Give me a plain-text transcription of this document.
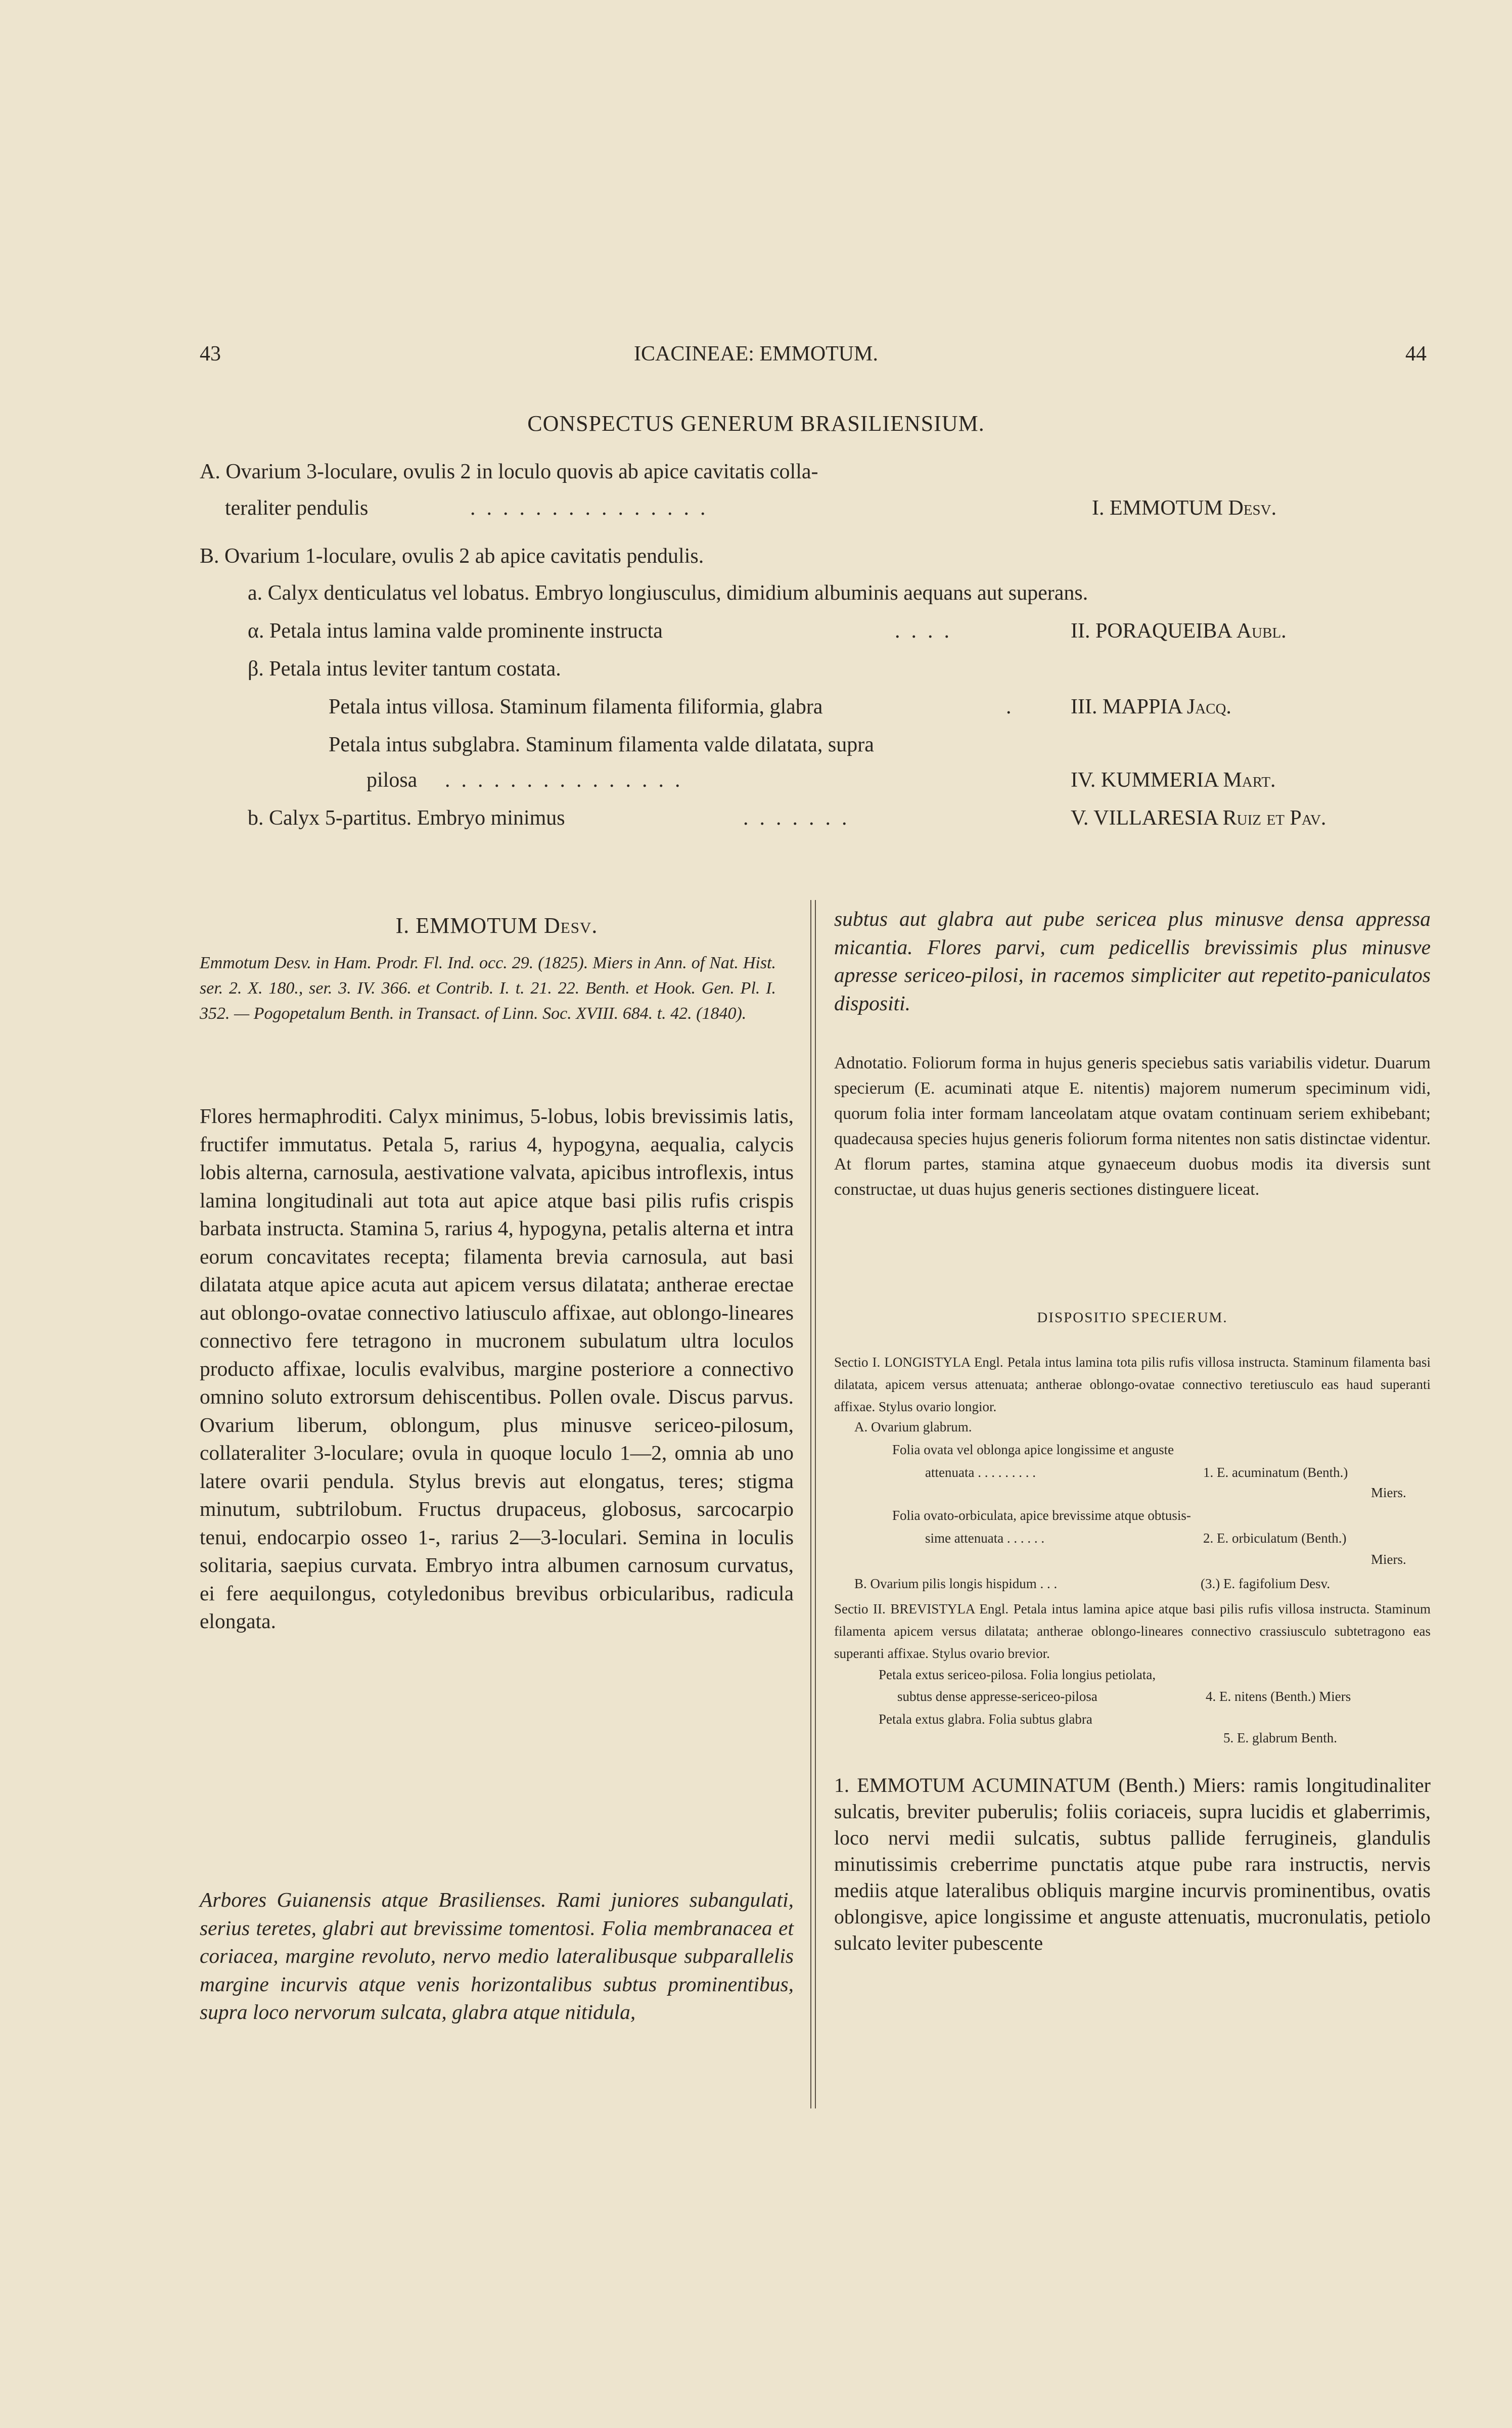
43	ICACINEAE: EMMOTUM.	44
CONSPECTUS GENERUM BRASILIENSIUM.
A. Ovarium 3-loculare, ovulis 2 in loculo quovis ab apice cavitatis colla-
teraliter pendulis	...............	I. EMMOTUM Desv.
B. Ovarium 1-loculare, ovulis 2 ab apice cavitatis pendulis.
a. Calyx denticulatus vel lobatus. Embryo longiusculus, dimidium albuminis aequans aut superans.
α. Petala intus lamina valde prominente instructa	....	II. PORAQUEIBA Aubl.
β. Petala intus leviter tantum costata.
Petala intus villosa. Staminum filamenta filiformia, glabra	.	III. MAPPIA Jacq.
Petala intus subglabra. Staminum filamenta valde dilatata, supra
pilosa ...............	IV. KUMMERIA Mart.
b. Calyx 5-partitus. Embryo minimus	.......	V. VILLARESIA Ruiz et Pav.
I. EMMOTUM Desv.
Emmotum Desv. in Ham. Prodr. Fl. Ind. occ. 29. (1825). Miers in Ann. of Nat. Hist. ser. 2. X. 180., ser. 3. IV. 366. et Contrib. I. t. 21. 22. Benth. et Hook. Gen. Pl. I. 352. — Pogopetalum Benth. in Transact. of Linn. Soc. XVIII. 684. t. 42. (1840).
Flores hermaphroditi. Calyx minimus, 5-lobus, lobis brevissimis latis, fructifer immutatus. Petala 5, rarius 4, hypogyna, aequalia, calycis lobis alterna, carnosula, aestivatione valvata, apicibus introflexis, intus lamina longitudinali aut tota aut apice atque basi pilis rufis crispis barbata instructa. Stamina 5, rarius 4, hypogyna, petalis alterna et intra eorum concavitates recepta; filamenta brevia carnosula, aut basi dilatata atque apice acuta aut apicem versus dilatata; antherae erectae aut oblongo-ovatae connectivo latiusculo affixae, aut oblongo-lineares connectivo fere tetragono in mucronem subulatum ultra loculos producto affixae, loculis evalvibus, margine posteriore a connectivo omnino soluto extrorsum dehiscentibus. Pollen ovale. Discus parvus. Ovarium liberum, oblongum, plus minusve sericeo-pilosum, collateraliter 3-loculare; ovula in quoque loculo 1—2, omnia ab uno latere ovarii pendula. Stylus brevis aut elongatus, teres; stigma minutum, subtrilobum. Fructus drupaceus, globosus, sarcocarpio tenui, endocarpio osseo 1-, rarius 2—3-loculari. Semina in loculis solitaria, saepius curvata. Embryo intra albumen carnosum curvatus, ei fere aequilongus, cotyledonibus brevibus orbicularibus, radicula elongata.
Arbores Guianensis atque Brasilienses. Rami juniores subangulati, serius teretes, glabri aut brevissime tomentosi. Folia membranacea et coriacea, margine revoluto, nervo medio lateralibusque subparallelis margine incurvis atque venis horizontalibus subtus prominentibus, supra loco nervorum sulcata, glabra atque nitidula,
subtus aut glabra aut pube sericea plus minusve densa appressa micantia. Flores parvi, cum pedicellis brevissimis plus minusve apresse sericeo-pilosi, in racemos simpliciter aut repetito-paniculatos dispositi.
Adnotatio. Foliorum forma in hujus generis speciebus satis variabilis videtur. Duarum specierum (E. acuminati atque E. nitentis) majorem numerum speciminum vidi, quorum folia inter formam lanceolatam atque ovatam continuam seriem exhibebant; quadecausa species hujus generis foliorum forma nitentes non satis distinctae videntur. At florum partes, stamina atque gynaeceum duobus modis ita diversis sunt constructae, ut duas hujus generis sectiones distinguere liceat.
DISPOSITIO SPECIERUM.
Sectio I. LONGISTYLA Engl. Petala intus lamina tota pilis rufis villosa instructa. Staminum filamenta basi dilatata, apicem versus attenuata; antherae oblongo-ovatae connectivo teretiusculo eas haud superanti affixae. Stylus ovario longior.
A. Ovarium glabrum.
Folia ovata vel oblonga apice longissime et anguste
attenuata . . . . . . . . .	1. E. acuminatum (Benth.)
Miers.
Folia ovato-orbiculata, apice brevissime atque obtusis-
sime attenuata . . . . . .	2. E. orbiculatum (Benth.)
Miers.
B. Ovarium pilis longis hispidum . . .	(3.) E. fagifolium Desv.
Sectio II. BREVISTYLA Engl. Petala intus lamina apice atque basi pilis rufis villosa instructa. Staminum filamenta apicem versus dilatata; antherae oblongo-lineares connectivo crassiusculo subtetragono eas superanti affixae. Stylus ovario brevior.
Petala extus sericeo-pilosa. Folia longius petiolata,
subtus dense appresse-sericeo-pilosa	4. E. nitens (Benth.) Miers
Petala extus glabra. Folia subtus glabra
5. E. glabrum Benth.
1. EMMOTUM ACUMINATUM (Benth.) Miers: ramis longitudinaliter sulcatis, breviter puberulis; foliis coriaceis, supra lucidis et glaberrimis, loco nervi medii sulcatis, subtus pallide ferrugineis, glandulis minutissimis creberrime punctatis atque pube rara instructis, nervis mediis atque lateralibus obliquis margine incurvis prominentibus, ovatis oblongisve, apice longissime et anguste attenuatis, mucronulatis, petiolo sulcato leviter pubescente
